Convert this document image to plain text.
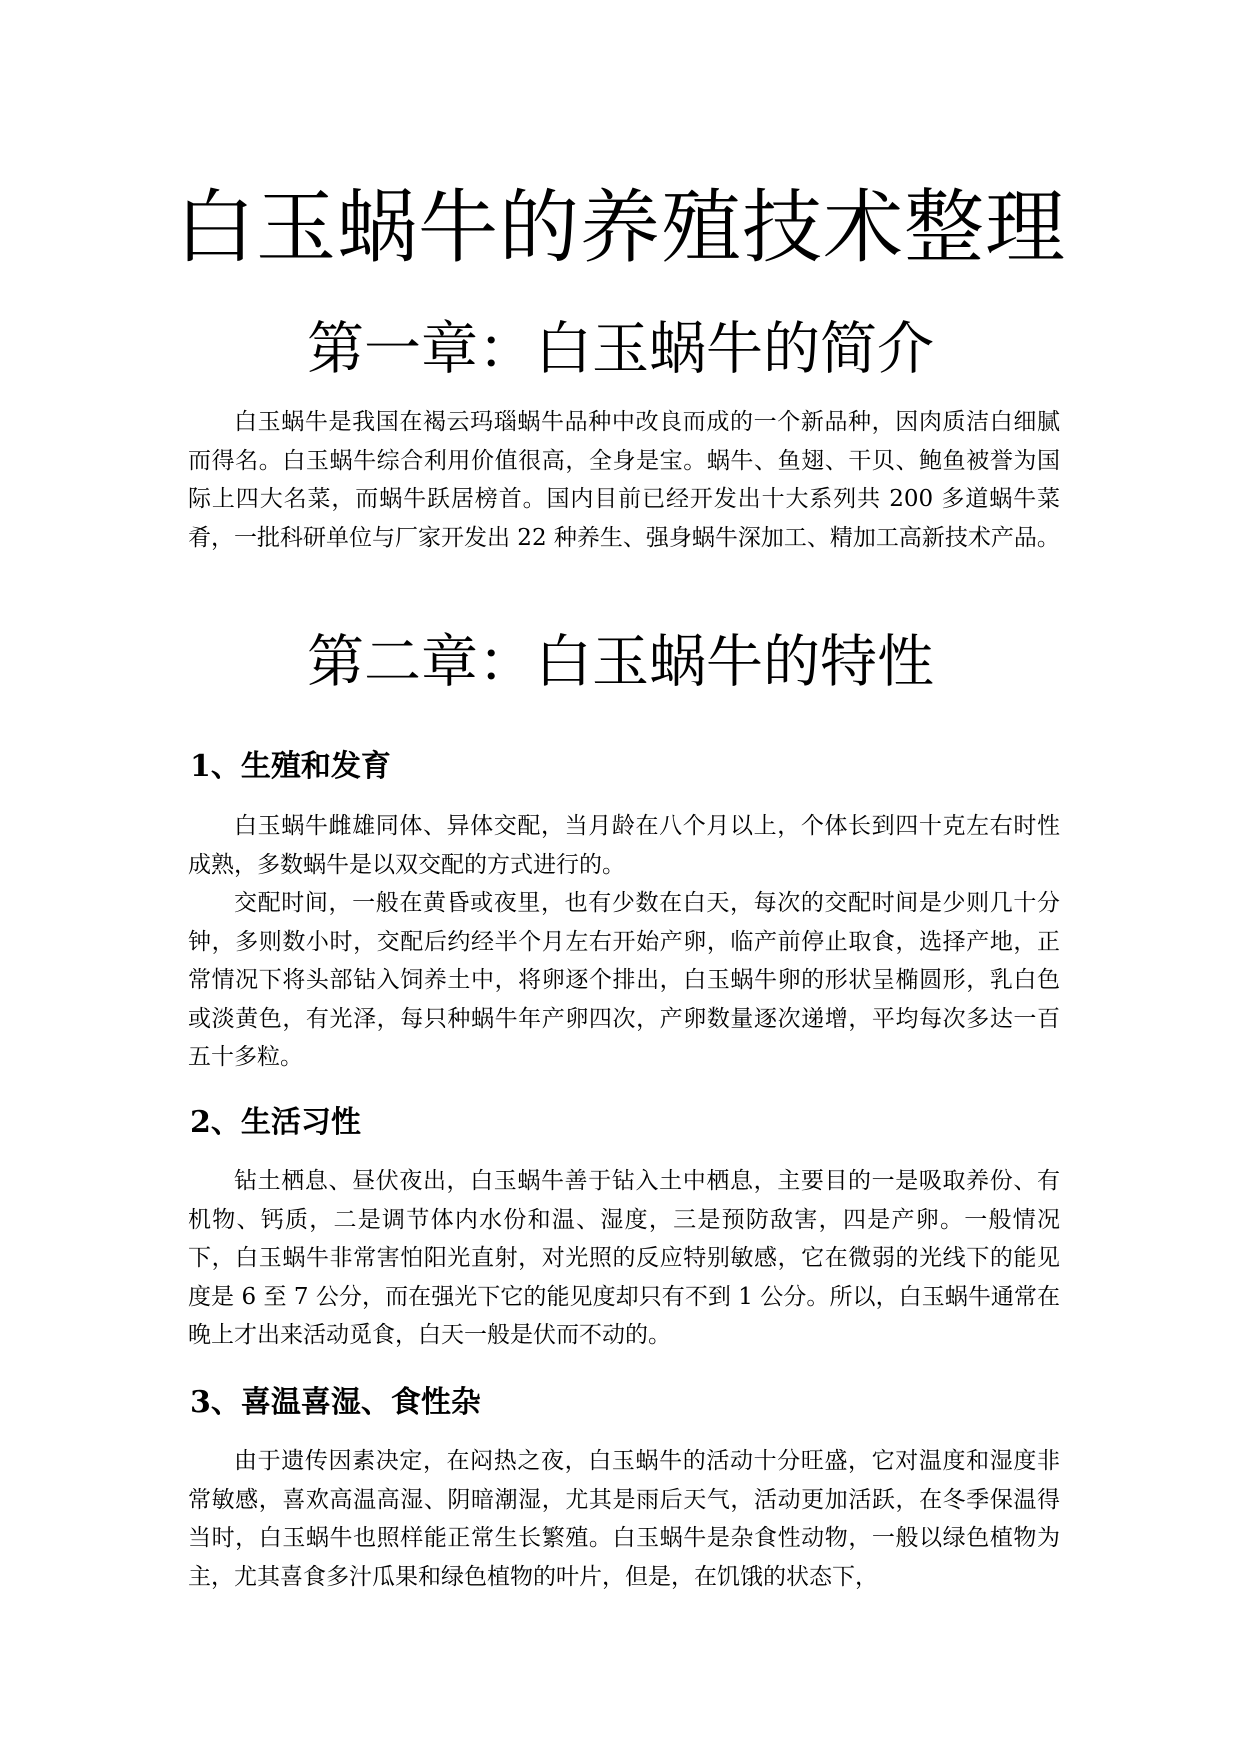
白玉蜗牛的养殖技术整理
第一章：白玉蜗牛的简介

白玉蜗牛是我国在褐云玛瑙蜗牛品种中改良而成的一个新品种，因肉质洁白细腻而得名。白玉蜗牛综合利用价值很高，全身是宝。蜗牛、鱼翅、干贝、鲍鱼被誉为国际上四大名菜，而蜗牛跃居榜首。国内目前已经开发出十大系列共 200 多道蜗牛菜肴，一批科研单位与厂家开发出 22 种养生、强身蜗牛深加工、精加工高新技术产品。

第二章：白玉蜗牛的特性
1、生殖和发育

白玉蜗牛雌雄同体、异体交配，当月龄在八个月以上，个体长到四十克左右时性成熟，多数蜗牛是以双交配的方式进行的。

交配时间，一般在黄昏或夜里，也有少数在白天，每次的交配时间是少则几十分钟，多则数小时，交配后约经半个月左右开始产卵，临产前停止取食，选择产地，正常情况下将头部钻入饲养土中，将卵逐个排出，白玉蜗牛卵的形状呈椭圆形，乳白色或淡黄色，有光泽，每只种蜗牛年产卵四次，产卵数量逐次递增，平均每次多达一百五十多粒。

2、生活习性

钻土栖息、昼伏夜出，白玉蜗牛善于钻入土中栖息，主要目的一是吸取养份、有机物、钙质，二是调节体内水份和温、湿度，三是预防敌害，四是产卵。一般情况下，白玉蜗牛非常害怕阳光直射，对光照的反应特别敏感，它在微弱的光线下的能见度是 6 至 7 公分，而在强光下它的能见度却只有不到 1 公分。所以，白玉蜗牛通常在晚上才出来活动觅食，白天一般是伏而不动的。

3、喜温喜湿、食性杂

由于遗传因素决定，在闷热之夜，白玉蜗牛的活动十分旺盛，它对温度和湿度非常敏感，喜欢高温高湿、阴暗潮湿，尤其是雨后天气，活动更加活跃，在冬季保温得当时，白玉蜗牛也照样能正常生长繁殖。白玉蜗牛是杂食性动物，一般以绿色植物为主，尤其喜食多汁瓜果和绿色植物的叶片，但是，在饥饿的状态下，
